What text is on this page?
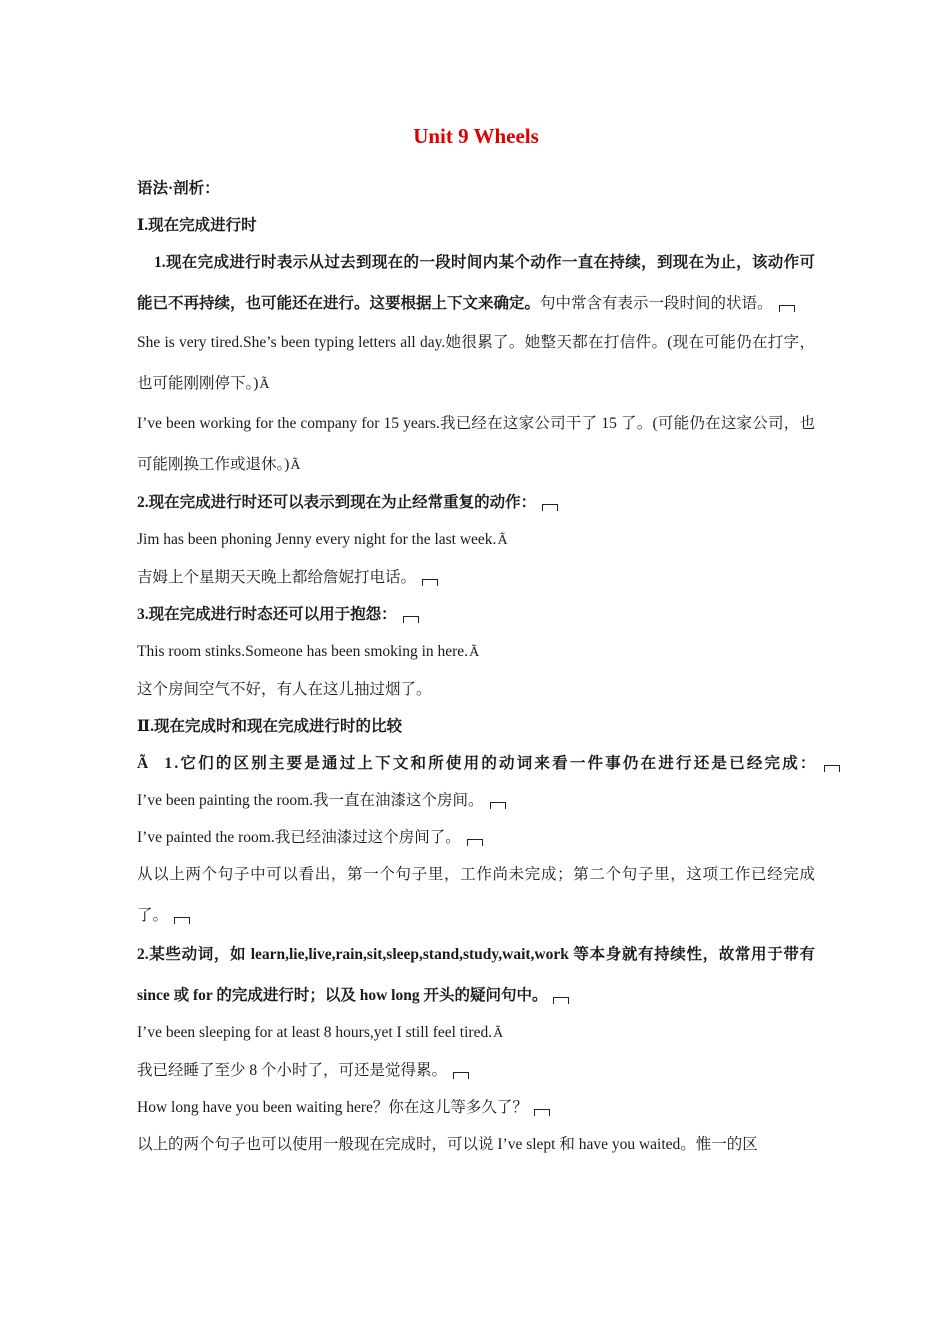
Unit 9 Wheels

语法·剖析：

Ⅰ.现在完成进行时

1.现在完成进行时表示从过去到现在的一段时间内某个动作一直在持续，到现在为止，该动作可能已不再持续，也可能还在进行。这要根据上下文来确定。句中常含有表示一段时间的状语。

She is very tired.She’s been typing letters all day.她很累了。她整天都在打信件。(现在可能仍在打字，也可能刚刚停下。)Ã

I’ve been working for the company for 15 years.我已经在这家公司干了 15 了。(可能仍在这家公司，也可能刚换工作或退休。)Ã

2.现在完成进行时还可以表示到现在为止经常重复的动作：

Jim has been phoning Jenny every night for the last week.Ã

吉姆上个星期天天晚上都给詹妮打电话。

3.现在完成进行时态还可以用于抱怨：

This room stinks.Someone has been smoking in here.Ã

这个房间空气不好，有人在这儿抽过烟了。

Ⅱ.现在完成时和现在完成进行时的比较

Ã 1.它们的区别主要是通过上下文和所使用的动词来看一件事仍在进行还是已经完成：

I’ve been painting the room.我一直在油漆这个房间。

I’ve painted the room.我已经油漆过这个房间了。

从以上两个句子中可以看出，第一个句子里，工作尚未完成；第二个句子里，这项工作已经完成了。

2.某些动词，如 learn,lie,live,rain,sit,sleep,stand,study,wait,work 等本身就有持续性，故常用于带有 since 或 for 的完成进行时；以及 how long 开头的疑问句中。

I’ve been sleeping for at least 8 hours,yet I still feel tired.Ã

我已经睡了至少 8 个小时了，可还是觉得累。

How long have you been waiting here？你在这儿等多久了？

以上的两个句子也可以使用一般现在完成时，可以说 I’ve slept 和 have you waited。惟一的区
